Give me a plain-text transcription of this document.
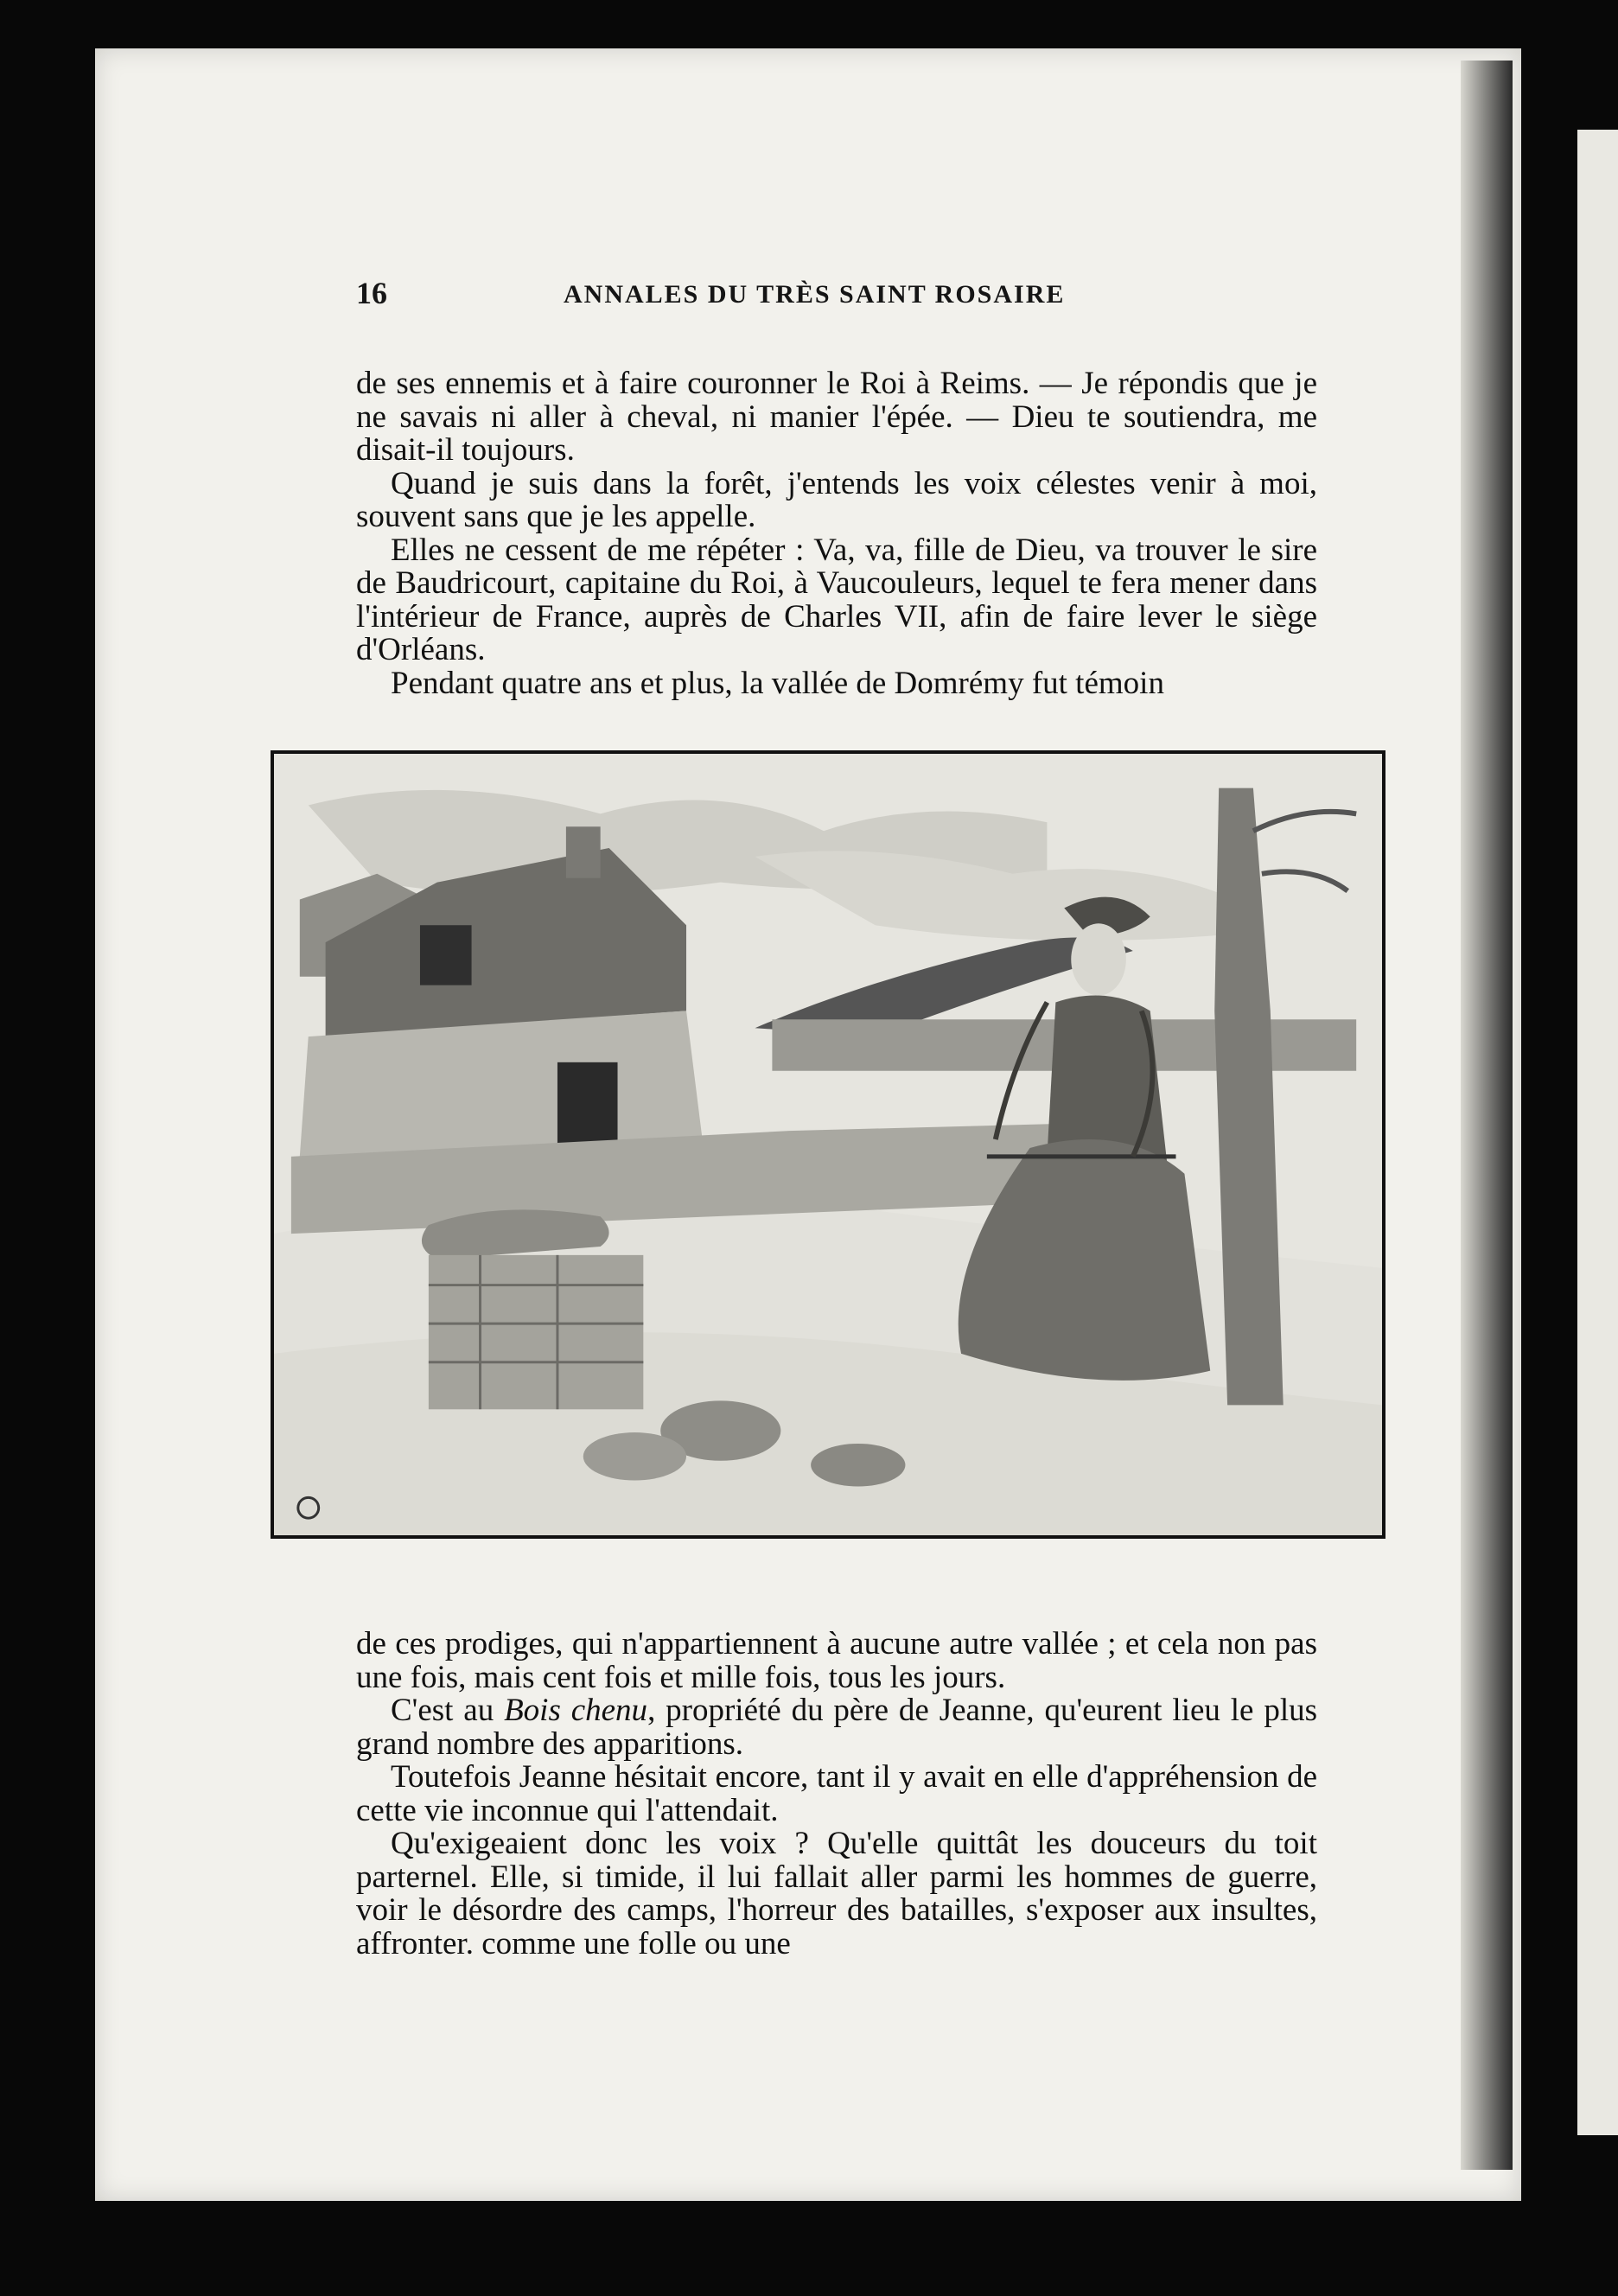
16	ANNALES DU TRÈS SAINT ROSAIRE

de ses ennemis et à faire couronner le Roi à Reims. — Je répondis que je ne savais ni aller à cheval, ni manier l'épée. — Dieu te soutiendra, me disait-il toujours.

Quand je suis dans la forêt, j'entends les voix célestes venir à moi, souvent sans que je les appelle.

Elles ne cessent de me répéter : Va, va, fille de Dieu, va trouver le sire de Baudricourt, capitaine du Roi, à Vaucouleurs, lequel te fera mener dans l'intérieur de France, auprès de Charles VII, afin de faire lever le siège d'Orléans.

Pendant quatre ans et plus, la vallée de Domrémy fut témoin

de ces prodiges, qui n'appartiennent à aucune autre vallée ; et cela non pas une fois, mais cent fois et mille fois, tous les jours.

C'est au Bois chenu, propriété du père de Jeanne, qu'eurent lieu le plus grand nombre des apparitions.

Toutefois Jeanne hésitait encore, tant il y avait en elle d'appréhension de cette vie inconnue qui l'attendait.

Qu'exigeaient donc les voix ? Qu'elle quittât les douceurs du toit parternel. Elle, si timide, il lui fallait aller parmi les hommes de guerre, voir le désordre des camps, l'horreur des batailles, s'exposer aux insultes, affronter. comme une folle ou une
